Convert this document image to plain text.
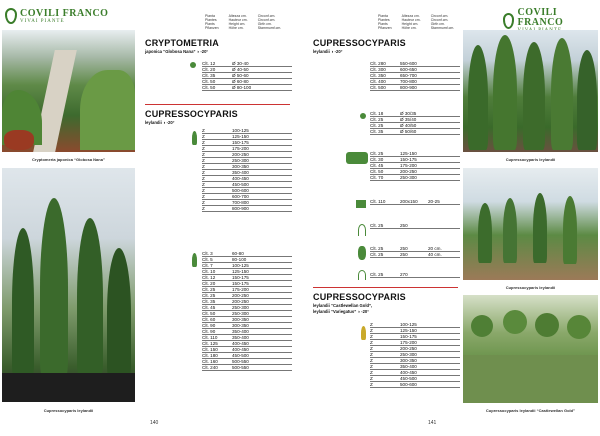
COVILI FRANCO
VIVAI PIANTE
Cryptomeria japonica “Globosa Nana”
Cupressocyparis leylandii
CRYPTOMETRIA
japonica “Globosa Nana” ◑ -20°
Clt. 12	Ø 30-40
Clt. 20	Ø 40-50
Clt. 35	Ø 50-60
Clt. 50	Ø 60-80
Clt. 50	Ø 80-100
CUPRESSOCYPARIS
leylandii ◑ -20°
Z	100-125
Z	125-150
Z	150-175
Z	175-200
Z	200-250
Z	250-300
Z	300-350
Z	350-400
Z	400-450
Z	450-500
Z	500-600
Z	600-700
Z	700-800
Z	800-900
Clt. 3	60-80
Clt. 5	80-100
Clt. 7	100-125
Clt. 10	125-150
Clt. 12	150-175
Clt. 20	150-175
Clt. 25	175-200
Clt. 25	200-250
Clt. 35	200-250
Clt. 45	250-300
Clt. 50	250-300
Clt. 60	300-350
Clt. 90	300-350
Clt. 90	350-400
Clt. 110	350-400
Clt. 125	400-450
Clt. 150	400-450
Clt. 180	450-500
Clt. 160	500-550
Clt. 240	500-550
140
Pianta
Plantes
Plants
Pflanzen
Altezza cm.
Hauteur cm.
Height cm.
Höhe cm.
Circonf.cm.
Circonf.cm.
Girth cm.
Stammumf.cm.
COVILI FRANCO
Pianta
Plantes
Plants
Pflanzen
Altezza cm.
Hauteur cm.
Height cm.
Höhe cm.
Circonf.cm.
Circonf.cm.
Girth cm.
Stammumf.cm.
Cupressocyparis leylandii
Cupressocyparis leylandii
Cupressocyparis leylandii “Castlewellan Gold”
CUPRESSOCYPARIS
leylandii ◑ -20°
Clt. 280	550-600
Clt. 300	600-650
Clt. 350	650-700
Clt. 400	700-800
Clt. 500	800-900
Clt. 18	Ø 30/35
Clt. 25	Ø 35/40
Clt. 25	Ø 40/50
Clt. 35	Ø 50/60
Clt. 25	125-150
Clt. 30	150-175
Clt. 45	175-200
Clt. 50	200-250
Clt. 70	250-300
Clt. 110	200x150	20-25
Clt. 25	250
Clt. 25	250	20 cm.
Clt. 25	250	40 cm.
Clt. 25	270
CUPRESSOCYPARIS
leylandii “Castlewellan Gold”,
leylandii “Variegatus” ◑ -20°
Z	100-125
Z	125-150
Z	150-175
Z	175-200
Z	200-250
Z	250-300
Z	300-350
Z	350-400
Z	400-450
Z	450-500
Z	500-600
141
